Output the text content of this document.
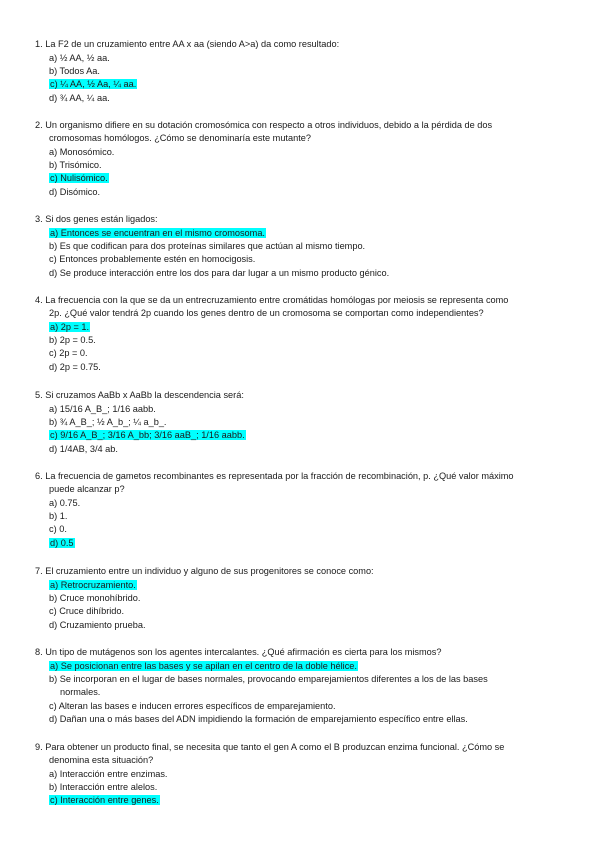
1. La F2 de un cruzamiento entre AA x aa (siendo A>a) da como resultado:
a) ½ AA, ½ aa.
b) Todos Aa.
c) ¼ AA, ½ Aa, ¼ aa.
d) ¾ AA, ¼ aa.
2. Un organismo difiere en su dotación cromosómica con respecto a otros individuos, debido a la pérdida de dos
cromosomas homólogos. ¿Cómo se denominaría este mutante?
a) Monosómico.
b) Trisómico.
c) Nulisómico.
d) Disómico.
3. Si dos genes están ligados:
a) Entonces se encuentran en el mismo cromosoma.
b) Es que codifican para dos proteínas similares que actúan al mismo tiempo.
c) Entonces probablemente estén en homocigosis.
d) Se produce interacción entre los dos para dar lugar a un mismo producto génico.
4. La frecuencia con la que se da un entrecruzamiento entre cromátidas homólogas por meiosis se representa como
2p. ¿Qué valor tendrá 2p cuando los genes dentro de un cromosoma se comportan como independientes?
a) 2p = 1.
b) 2p = 0.5.
c) 2p = 0.
d) 2p = 0.75.
5. Si cruzamos AaBb x AaBb la descendencia será:
a) 15/16 A_B_; 1/16 aabb.
b) ¾ A_B_; ½ A_b_; ¼ a_b_.
c) 9/16 A_B_; 3/16 A_bb; 3/16 aaB_; 1/16 aabb.
d) 1/4AB, 3/4 ab.
6. La frecuencia de gametos recombinantes es representada por la fracción de recombinación, p. ¿Qué valor máximo
puede alcanzar p?
a) 0.75.
b) 1.
c) 0.
d) 0.5
7. El cruzamiento entre un individuo y alguno de sus progenitores se conoce como:
a) Retrocruzamiento.
b) Cruce monohíbrido.
c) Cruce dihíbrido.
d) Cruzamiento prueba.
8. Un tipo de mutágenos son los agentes intercalantes. ¿Qué afirmación es cierta para los mismos?
a) Se posicionan entre las bases y se apilan en el centro de la doble hélice.
b) Se incorporan en el lugar de bases normales, provocando emparejamientos diferentes a los de las bases
normales.
c) Alteran las bases e inducen errores específicos de emparejamiento.
d) Dañan una o más bases del ADN impidiendo la formación de emparejamiento específico entre ellas.
9. Para obtener un producto final, se necesita que tanto el gen A como el B produzcan enzima funcional. ¿Cómo se
denomina esta situación?
a) Interacción entre enzimas.
b) Interacción entre alelos.
c) Interacción entre genes.
